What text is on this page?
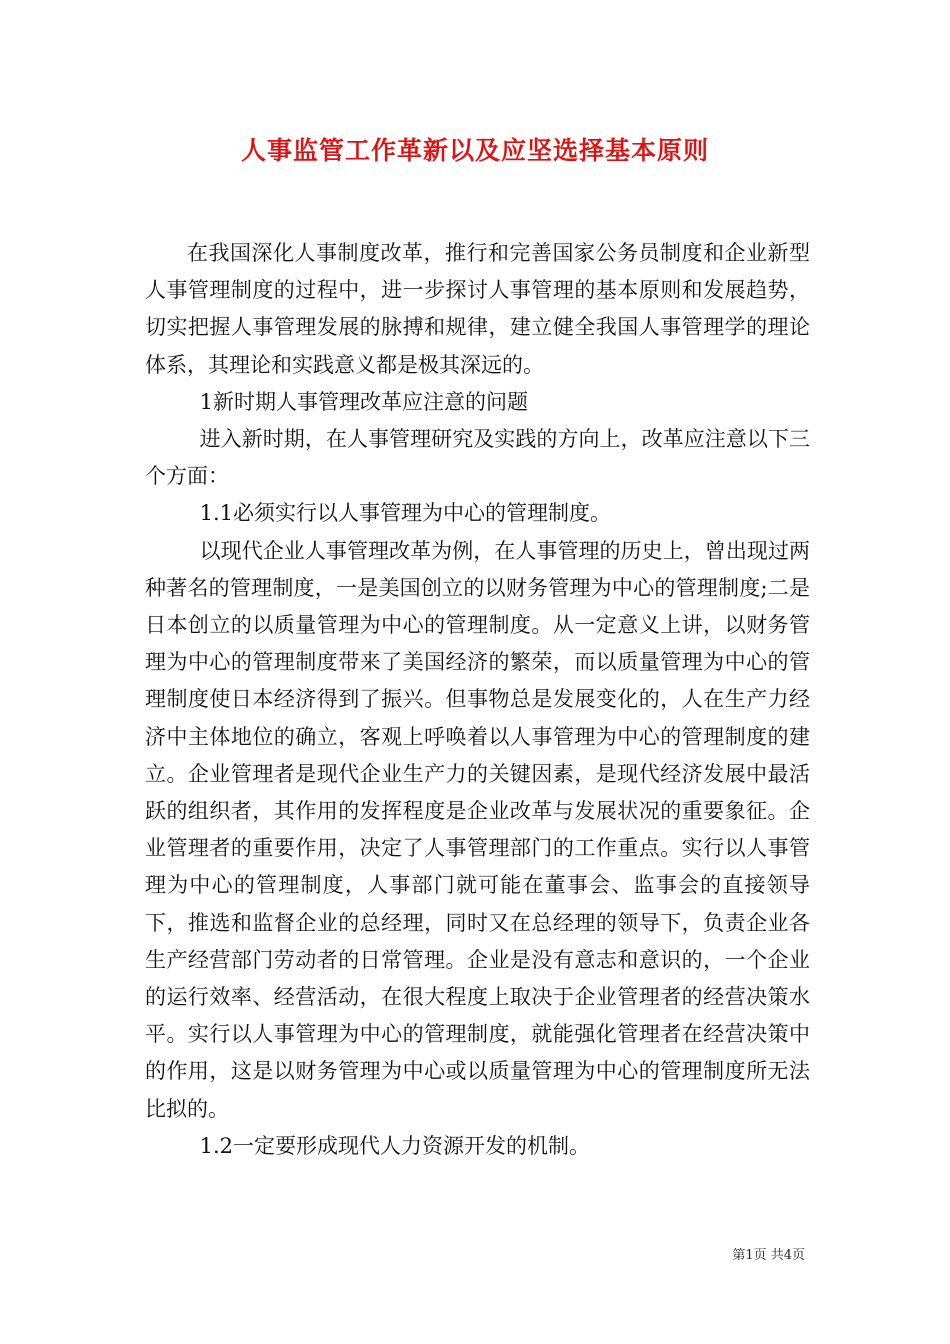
人事监管工作革新以及应坚选择基本原则

在我国深化人事制度改革，推行和完善国家公务员制度和企业新型人事管理制度的过程中，进一步探讨人事管理的基本原则和发展趋势，切实把握人事管理发展的脉搏和规律，建立健全我国人事管理学的理论体系，其理论和实践意义都是极其深远的。

1新时期人事管理改革应注意的问题

进入新时期，在人事管理研究及实践的方向上，改革应注意以下三个方面：

1.1必须实行以人事管理为中心的管理制度。

以现代企业人事管理改革为例，在人事管理的历史上，曾出现过两种著名的管理制度，一是美国创立的以财务管理为中心的管理制度;二是日本创立的以质量管理为中心的管理制度。从一定意义上讲，以财务管理为中心的管理制度带来了美国经济的繁荣，而以质量管理为中心的管理制度使日本经济得到了振兴。但事物总是发展变化的，人在生产力经济中主体地位的确立，客观上呼唤着以人事管理为中心的管理制度的建立。企业管理者是现代企业生产力的关键因素，是现代经济发展中最活跃的组织者，其作用的发挥程度是企业改革与发展状况的重要象征。企业管理者的重要作用，决定了人事管理部门的工作重点。实行以人事管理为中心的管理制度，人事部门就可能在董事会、监事会的直接领导下，推选和监督企业的总经理，同时又在总经理的领导下，负责企业各生产经营部门劳动者的日常管理。企业是没有意志和意识的，一个企业的运行效率、经营活动，在很大程度上取决于企业管理者的经营决策水平。实行以人事管理为中心的管理制度，就能强化管理者在经营决策中的作用，这是以财务管理为中心或以质量管理为中心的管理制度所无法比拟的。

1.2一定要形成现代人力资源开发的机制。

第1页 共4页
